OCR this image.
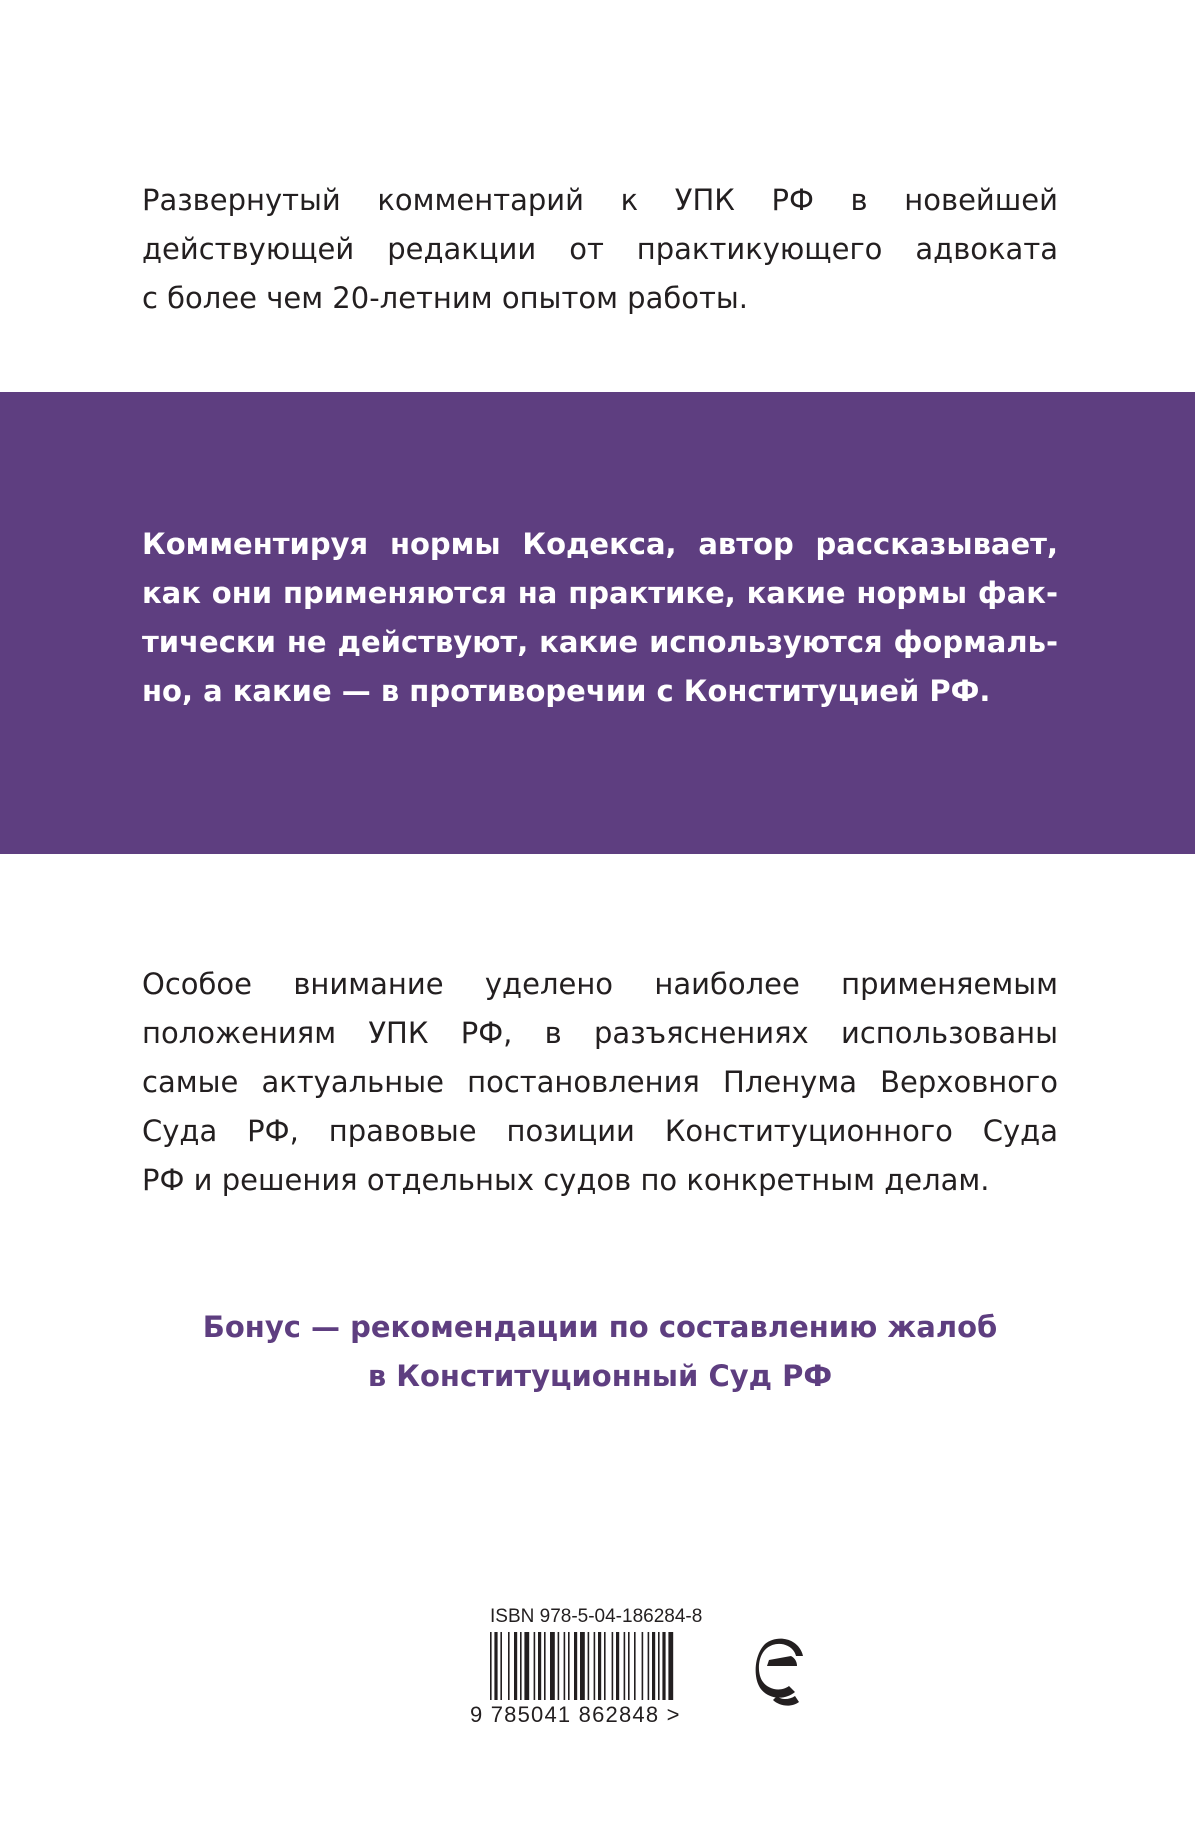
Развернутый комментарий к УПК РФ в новейшей
действующей редакции от практикующего адвоката
с более чем 20-летним опытом работы.
Комментируя нормы Кодекса, автор рассказывает,
как они применяются на практике, какие нормы фак-
тически не действуют, какие используются формаль-
но, а какие — в противоречии с Конституцией РФ.
Особое внимание уделено наиболее применяемым
положениям УПК РФ, в разъяснениях использованы
самые актуальные постановления Пленума Верховного
Суда РФ, правовые позиции Конституционного Суда
РФ и решения отдельных судов по конкретным делам.
Бонус — рекомендации по составлению жалоб
в Конституционный Суд РФ
ISBN 978-5-04-186284-8
9 785041 862848 >
